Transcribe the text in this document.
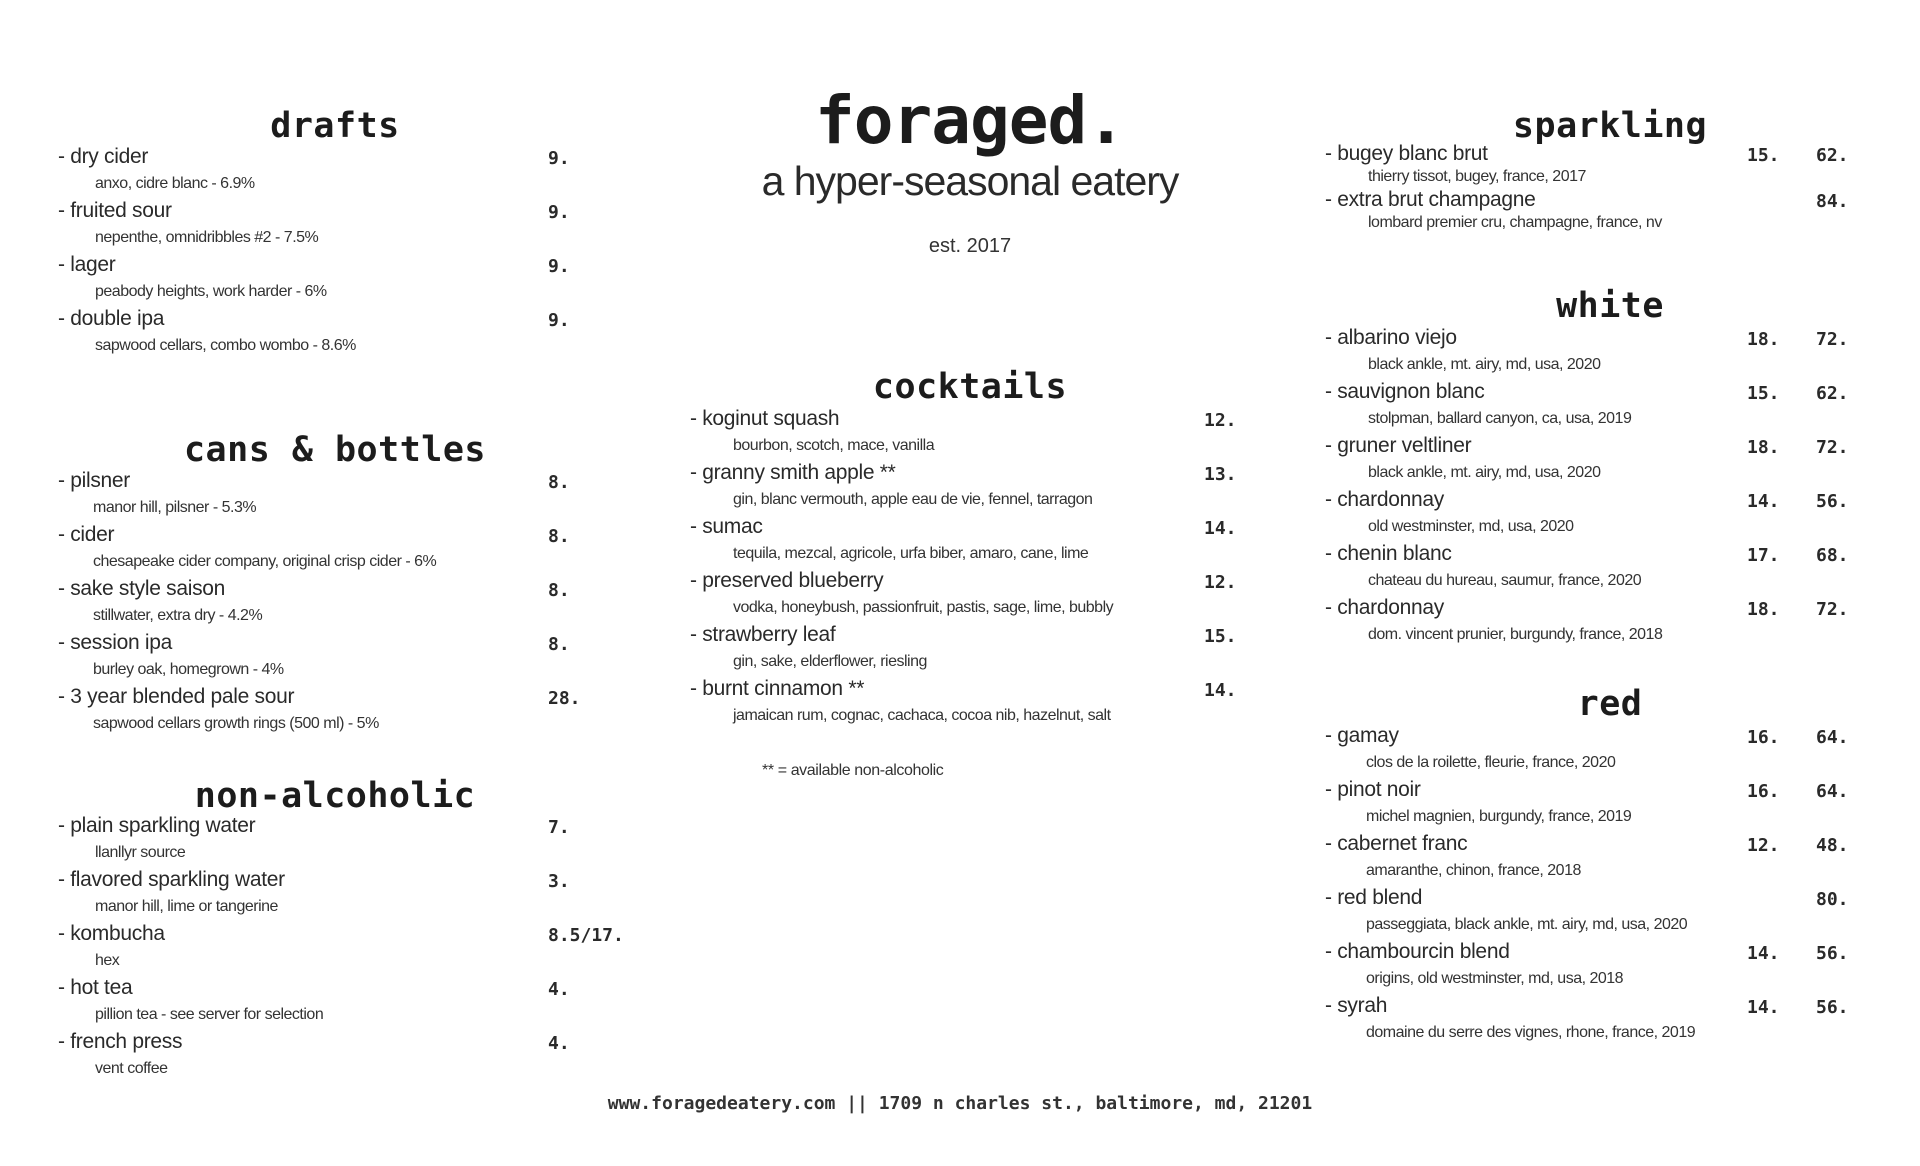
foraged.
a hyper-seasonal eatery
est. 2017
drafts
- dry cider
anxo, cidre blanc - 6.9%
9.
- fruited sour
nepenthe, omnidribbles #2 - 7.5%
9.
- lager
peabody heights, work harder - 6%
9.
- double ipa
sapwood cellars, combo wombo - 8.6%
9.
cans & bottles
- pilsner
manor hill, pilsner - 5.3%
8.
- cider
chesapeake cider company, original crisp cider - 6%
8.
- sake style saison
stillwater, extra dry - 4.2%
8.
- session ipa
burley oak, homegrown - 4%
8.
- 3 year blended pale sour
sapwood cellars growth rings (500 ml) - 5%
28.
non-alcoholic
- plain sparkling water
llanllyr source
7.
- flavored sparkling water
manor hill, lime or tangerine
3.
- kombucha
hex
8.5/17.
- hot tea
pillion tea - see server for selection
4.
- french press
vent coffee
4.
cocktails
- koginut squash
bourbon, scotch, mace, vanilla
12.
- granny smith apple **
gin, blanc vermouth, apple eau de vie, fennel, tarragon
13.
- sumac
tequila, mezcal, agricole, urfa biber, amaro, cane, lime
14.
- preserved blueberry
vodka, honeybush, passionfruit, pastis, sage, lime, bubbly
12.
- strawberry leaf
gin, sake, elderflower, riesling
15.
- burnt cinnamon **
jamaican rum, cognac, cachaca, cocoa nib, hazelnut, salt
14.
** = available non-alcoholic
sparkling
- bugey blanc brut
thierry tissot, bugey, france, 2017
15. 62.
- extra brut champagne
lombard premier cru, champagne, france, nv
84.
white
- albarino viejo
black ankle, mt. airy, md, usa, 2020
18. 72.
- sauvignon blanc
stolpman, ballard canyon, ca, usa, 2019
15. 62.
- gruner veltliner
black ankle, mt. airy, md, usa, 2020
18. 72.
- chardonnay
old westminster, md, usa, 2020
14. 56.
- chenin blanc
chateau du hureau, saumur, france, 2020
17. 68.
- chardonnay
dom. vincent prunier, burgundy, france, 2018
18. 72.
red
- gamay
clos de la roilette, fleurie, france, 2020
16. 64.
- pinot noir
michel magnien, burgundy, france, 2019
16. 64.
- cabernet franc
amaranthe, chinon, france, 2018
12. 48.
- red blend
passeggiata, black ankle, mt. airy, md, usa, 2020
80.
- chambourcin blend
origins, old westminster, md, usa, 2018
14. 56.
- syrah
domaine du serre des vignes, rhone, france, 2019
14. 56.
www.foragedeatery.com || 1709 n charles st., baltimore, md, 21201
